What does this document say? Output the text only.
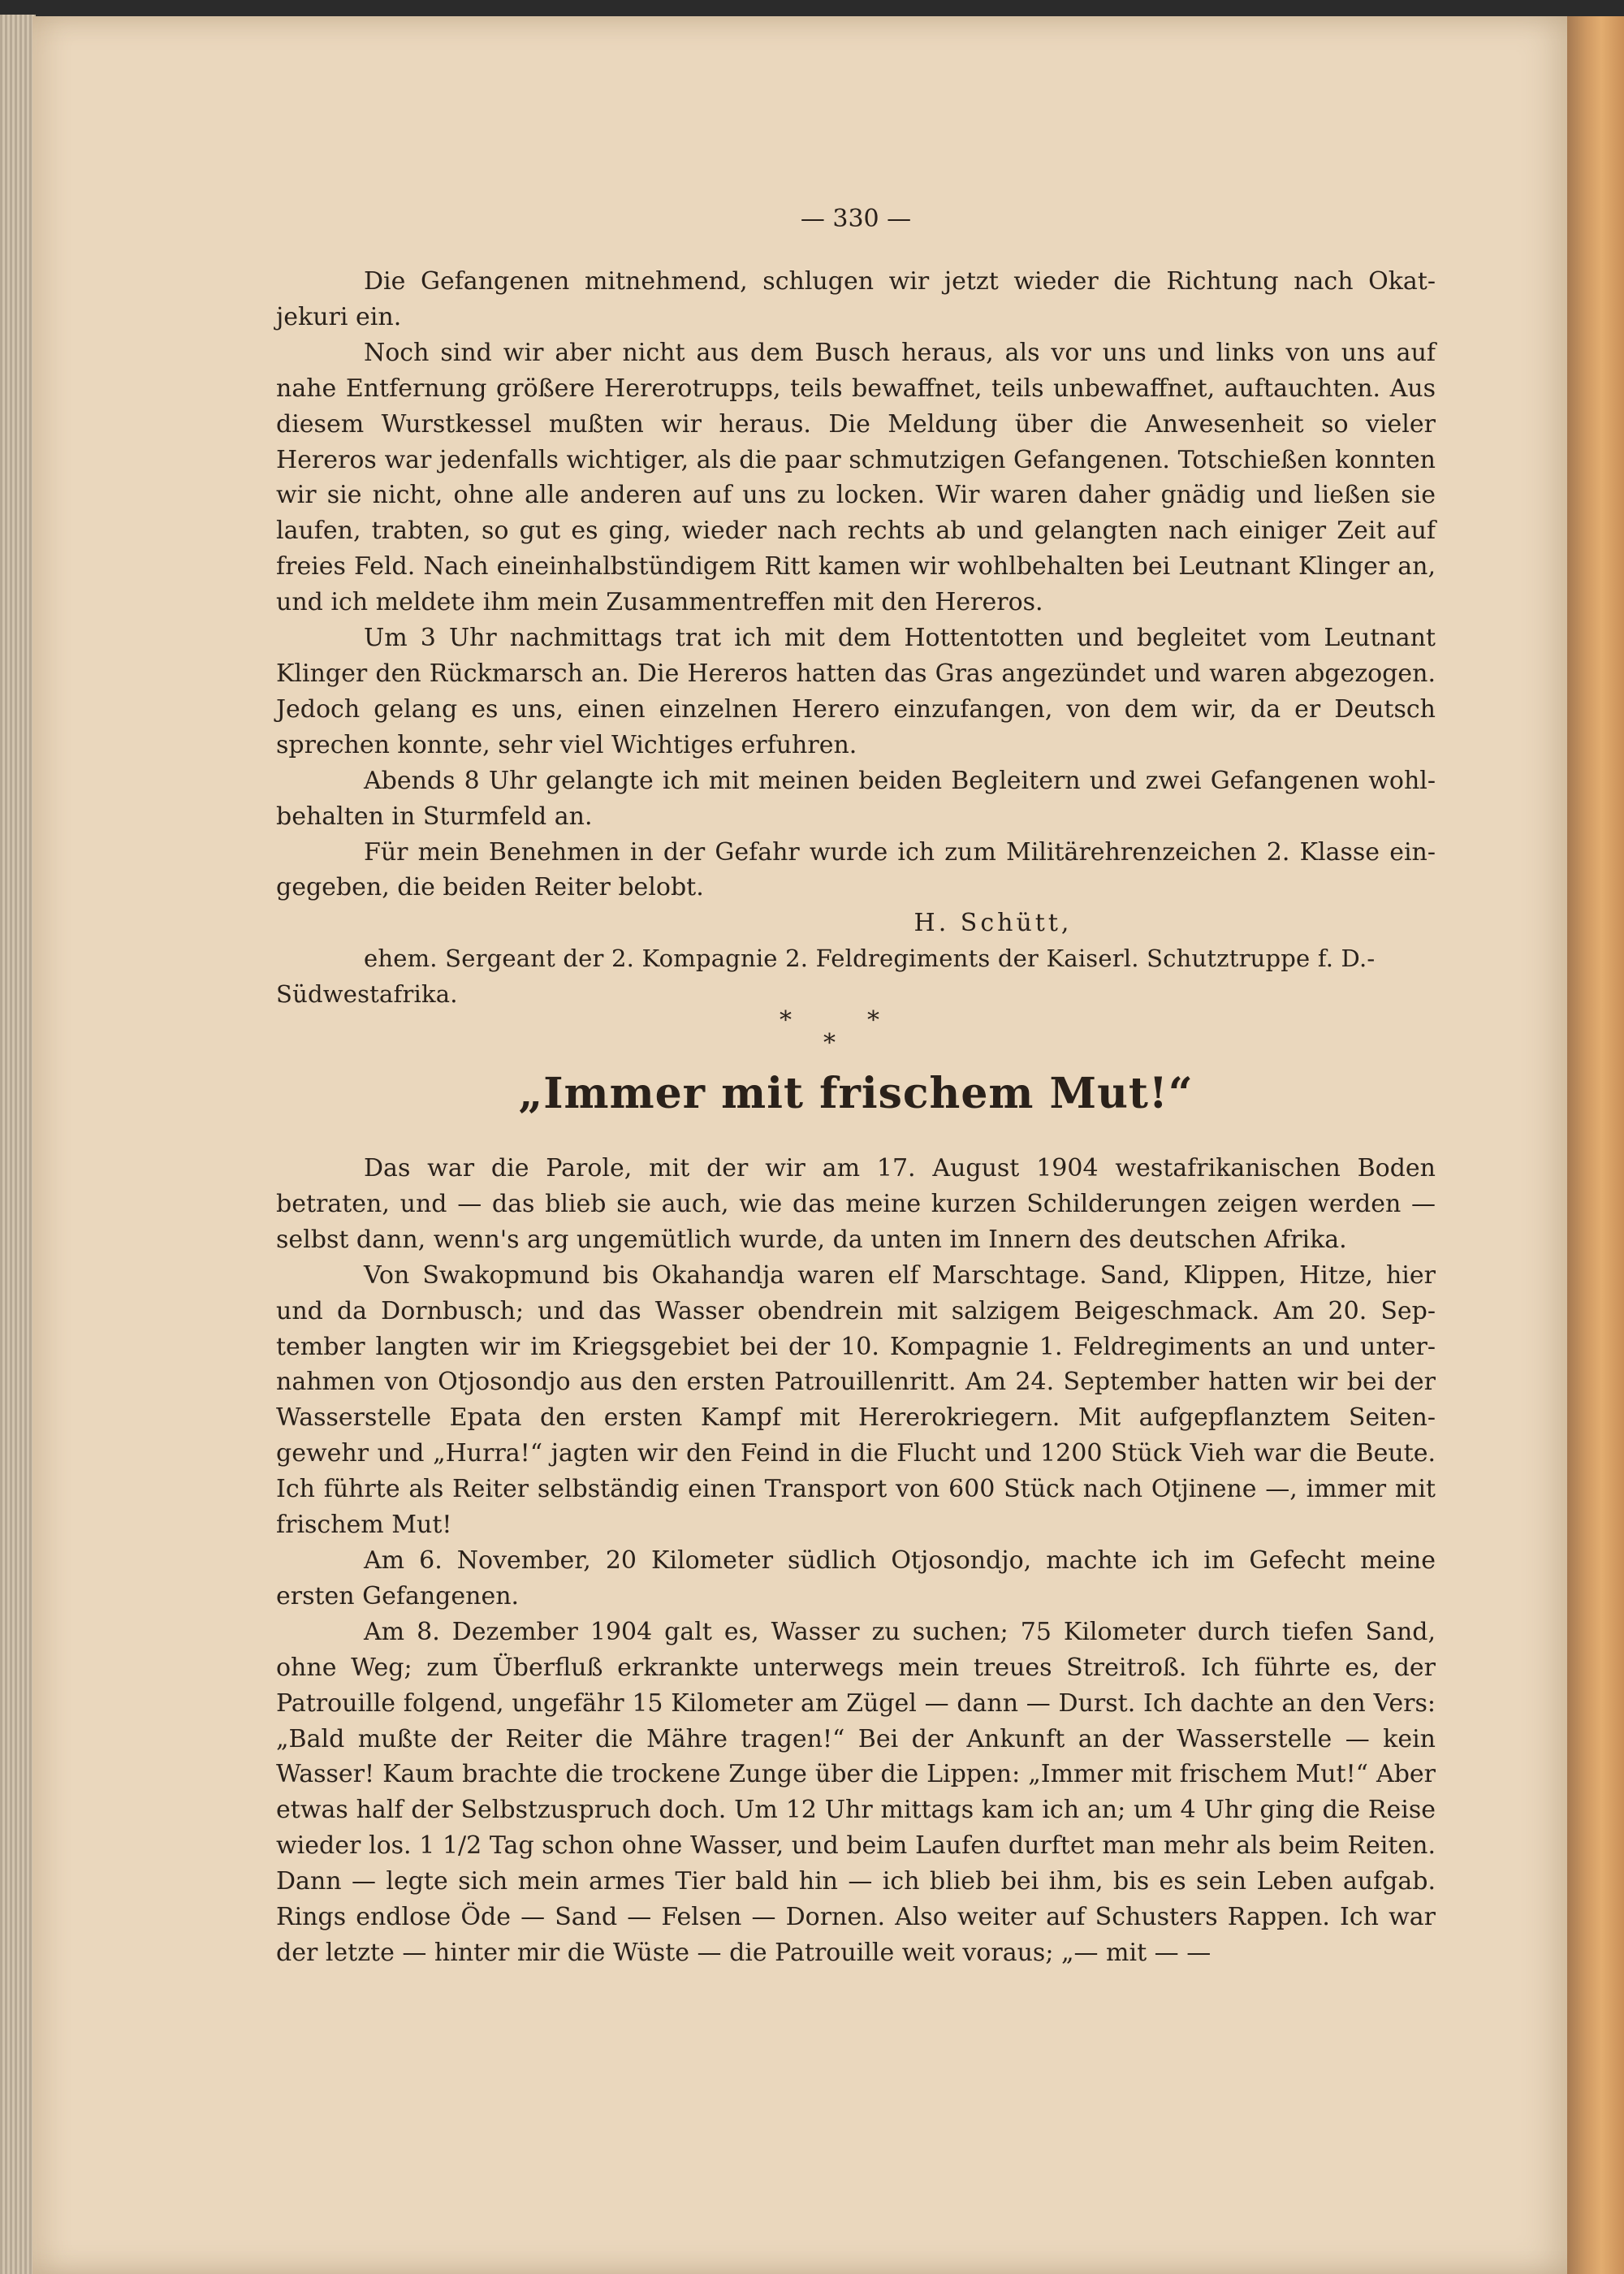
— 330 —

Die Gefangenen mitnehmend, schlugen wir jetzt wieder die Richtung nach Okat- jekuri ein.

Noch sind wir aber nicht aus dem Busch heraus, als vor uns und links von uns auf nahe Entfernung größere Hererotrupps, teils bewaffnet, teils unbewaffnet, auftauchten. Aus diesem Wurstkessel mußten wir heraus. Die Meldung über die Anwesenheit so vieler Hereros war jedenfalls wichtiger, als die paar schmutzigen Gefangenen. Totschießen konnten wir sie nicht, ohne alle anderen auf uns zu locken. Wir waren daher gnädig und ließen sie laufen, trabten, so gut es ging, wieder nach rechts ab und gelangten nach einiger Zeit auf freies Feld. Nach eineinhalbstündigem Ritt kamen wir wohlbehalten bei Leutnant Klinger an, und ich meldete ihm mein Zusammentreffen mit den Hereros.

Um 3 Uhr nachmittags trat ich mit dem Hottentotten und begleitet vom Leutnant Klinger den Rückmarsch an. Die Hereros hatten das Gras angezündet und waren abgezogen. Jedoch gelang es uns, einen einzelnen Herero einzufangen, von dem wir, da er Deutsch sprechen konnte, sehr viel Wichtiges erfuhren.

Abends 8 Uhr gelangte ich mit meinen beiden Begleitern und zwei Gefangenen wohl- behalten in Sturmfeld an.

Für mein Benehmen in der Gefahr wurde ich zum Militärehrenzeichen 2. Klasse ein- gegeben, die beiden Reiter belobt.

H. Schütt,

ehem. Sergeant der 2. Kompagnie 2. Feldregiments der Kaiserl. Schutztruppe f. D.-Südwestafrika.

*	*
*
„Immer mit frischem Mut!“

Das war die Parole, mit der wir am 17. August 1904 westafrikanischen Boden betraten, und — das blieb sie auch, wie das meine kurzen Schilderungen zeigen werden — selbst dann, wenn's arg ungemütlich wurde, da unten im Innern des deutschen Afrika.

Von Swakopmund bis Okahandja waren elf Marschtage. Sand, Klippen, Hitze, hier und da Dornbusch; und das Wasser obendrein mit salzigem Beigeschmack. Am 20. Sep- tember langten wir im Kriegsgebiet bei der 10. Kompagnie 1. Feldregiments an und unter- nahmen von Otjosondjo aus den ersten Patrouillenritt. Am 24. September hatten wir bei der Wasserstelle Epata den ersten Kampf mit Hererokriegern. Mit aufgepflanztem Seiten- gewehr und „Hurra!“ jagten wir den Feind in die Flucht und 1200 Stück Vieh war die Beute. Ich führte als Reiter selbständig einen Transport von 600 Stück nach Otjinene —, immer mit frischem Mut!

Am 6. November, 20 Kilometer südlich Otjosondjo, machte ich im Gefecht meine ersten Gefangenen.

Am 8. Dezember 1904 galt es, Wasser zu suchen; 75 Kilometer durch tiefen Sand, ohne Weg; zum Überfluß erkrankte unterwegs mein treues Streitroß. Ich führte es, der Patrouille folgend, ungefähr 15 Kilometer am Zügel — dann — Durst. Ich dachte an den Vers: „Bald mußte der Reiter die Mähre tragen!“ Bei der Ankunft an der Wasserstelle — kein Wasser! Kaum brachte die trockene Zunge über die Lippen: „Immer mit frischem Mut!“ Aber etwas half der Selbstzuspruch doch. Um 12 Uhr mittags kam ich an; um 4 Uhr ging die Reise wieder los. 1 1/2 Tag schon ohne Wasser, und beim Laufen durftet man mehr als beim Reiten. Dann — legte sich mein armes Tier bald hin — ich blieb bei ihm, bis es sein Leben aufgab. Rings endlose Öde — Sand — Felsen — Dornen. Also weiter auf Schusters Rappen. Ich war der letzte — hinter mir die Wüste — die Patrouille weit voraus; „— mit — —
